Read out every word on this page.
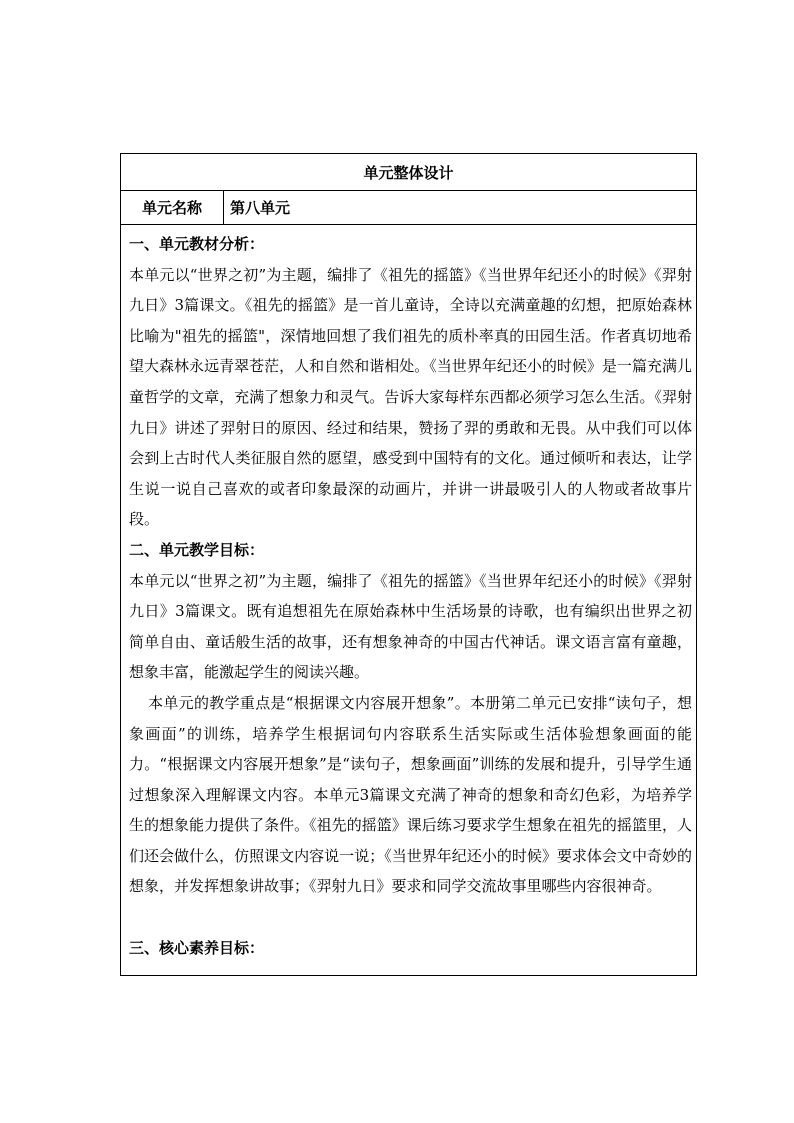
单元整体设计
单元名称	第八单元

一、单元教材分析：

本单元以“世界之初”为主题，编排了《祖先的摇篮》《当世界年纪还小的时候》《羿射九日》3篇课文。《祖先的摇篮》是一首儿童诗，全诗以充满童趣的幻想，把原始森林比喻为"祖先的摇篮"，深情地回想了我们祖先的质朴率真的田园生活。作者真切地希望大森林永远青翠苍茫，人和自然和谐相处。《当世界年纪还小的时候》是一篇充满儿童哲学的文章，充满了想象力和灵气。告诉大家每样东西都必须学习怎么生活。《羿射九日》讲述了羿射日的原因、经过和结果，赞扬了羿的勇敢和无畏。从中我们可以体会到上古时代人类征服自然的愿望，感受到中国特有的文化。通过倾听和表达，让学生说一说自己喜欢的或者印象最深的动画片，并讲一讲最吸引人的人物或者故事片段。

二、单元教学目标：

本单元以“世界之初”为主题，编排了《祖先的摇篮》《当世界年纪还小的时候》《羿射九日》3篇课文。既有追想祖先在原始森林中生活场景的诗歌，也有编织出世界之初简单自由、童话般生活的故事，还有想象神奇的中国古代神话。课文语言富有童趣，想象丰富，能激起学生的阅读兴趣。

本单元的教学重点是“根据课文内容展开想象”。本册第二单元已安排“读句子，想象画面”的训练，培养学生根据词句内容联系生活实际或生活体验想象画面的能力。“根据课文内容展开想象”是“读句子，想象画面”训练的发展和提升，引导学生通过想象深入理解课文内容。本单元3篇课文充满了神奇的想象和奇幻色彩，为培养学生的想象能力提供了条件。《祖先的摇篮》课后练习要求学生想象在祖先的摇篮里，人们还会做什么，仿照课文内容说一说；《当世界年纪还小的时候》要求体会文中奇妙的想象，并发挥想象讲故事；《羿射九日》要求和同学交流故事里哪些内容很神奇。

三、核心素养目标：
